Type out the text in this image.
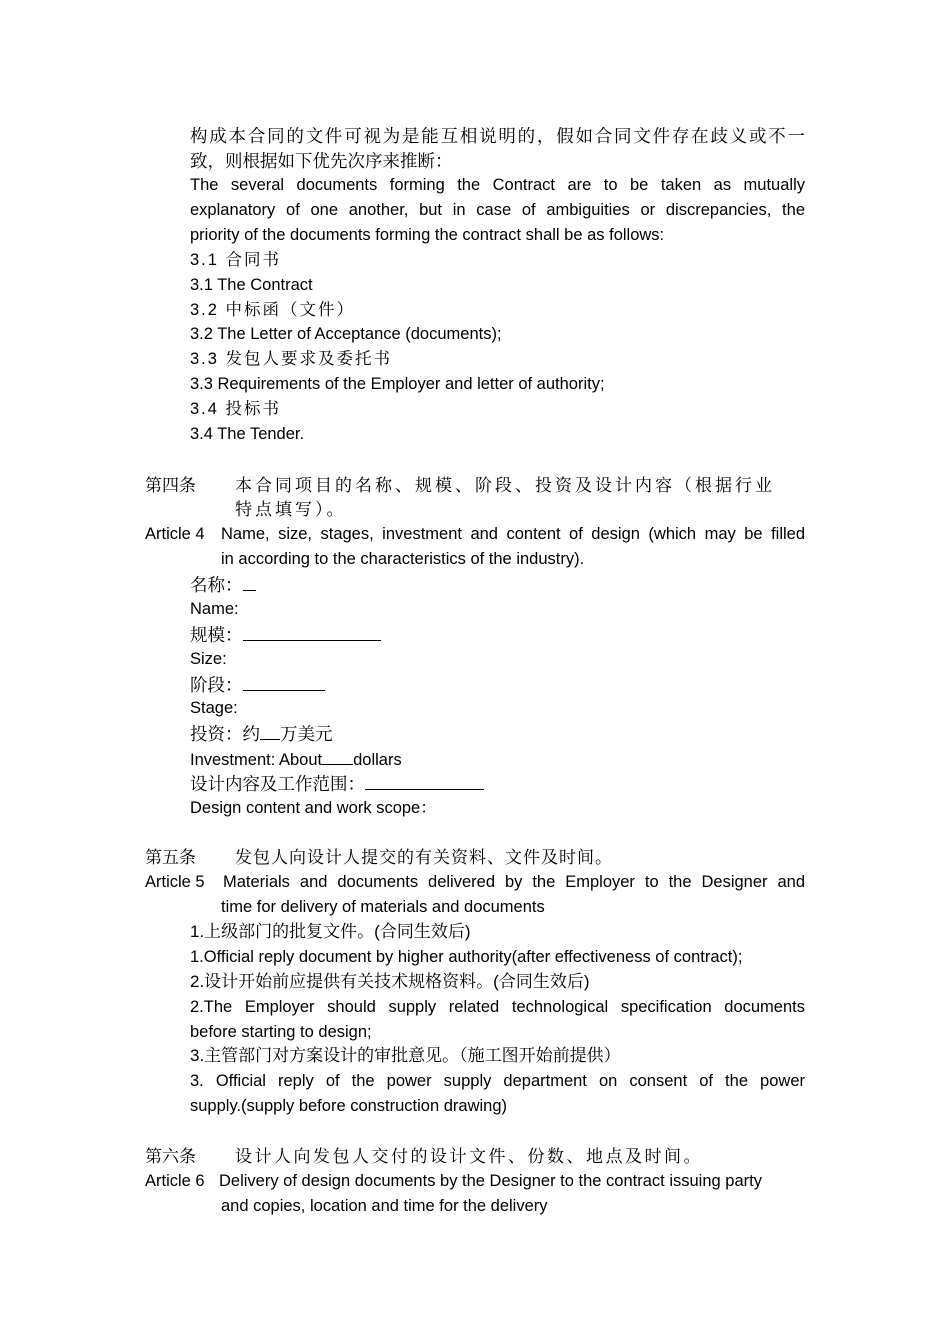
构成本合同的文件可视为是能互相说明的，假如合同文件存在歧义或不一
致，则根据如下优先次序来推断：
The several documents forming the Contract are to be taken as mutually
explanatory of one another, but in case of ambiguities or discrepancies, the
priority of the documents forming the contract shall be as follows:
3.1 合同书
3.1 The Contract
3.2 中标函（文件）
3.2 The Letter of Acceptance (documents);
3.3 发包人要求及委托书
3.3 Requirements of the Employer and letter of authority;
3.4 投标书
3.4 The Tender.
第四条 本合同项目的名称、规模、阶段、投资及设计内容（根据行业
特点填写）。
Article 4 Name, size, stages, investment and content of design (which may be filled
in according to the characteristics of the industry).
名称：
Name:
规模：
Size:
阶段：
Stage:
投资：约 万美元
Investment: About dollars
设计内容及工作范围：
Design content and work scope：
第五条 发包人向设计人提交的有关资料、文件及时间。
Article 5 Materials and documents delivered by the Employer to the Designer and
time for delivery of materials and documents
1.上级部门的批复文件。(合同生效后)
1.Official reply document by higher authority(after effectiveness of contract);
2.设计开始前应提供有关技术规格资料。(合同生效后)
2.The Employer should supply related technological specification documents
before starting to design;
3.主管部门对方案设计的审批意见。（施工图开始前提供）
3. Official reply of the power supply department on consent of the power
supply.(supply before construction drawing)
第六条 设计人向发包人交付的设计文件、份数、地点及时间。
Article 6 Delivery of design documents by the Designer to the contract issuing party
and copies, location and time for the delivery
